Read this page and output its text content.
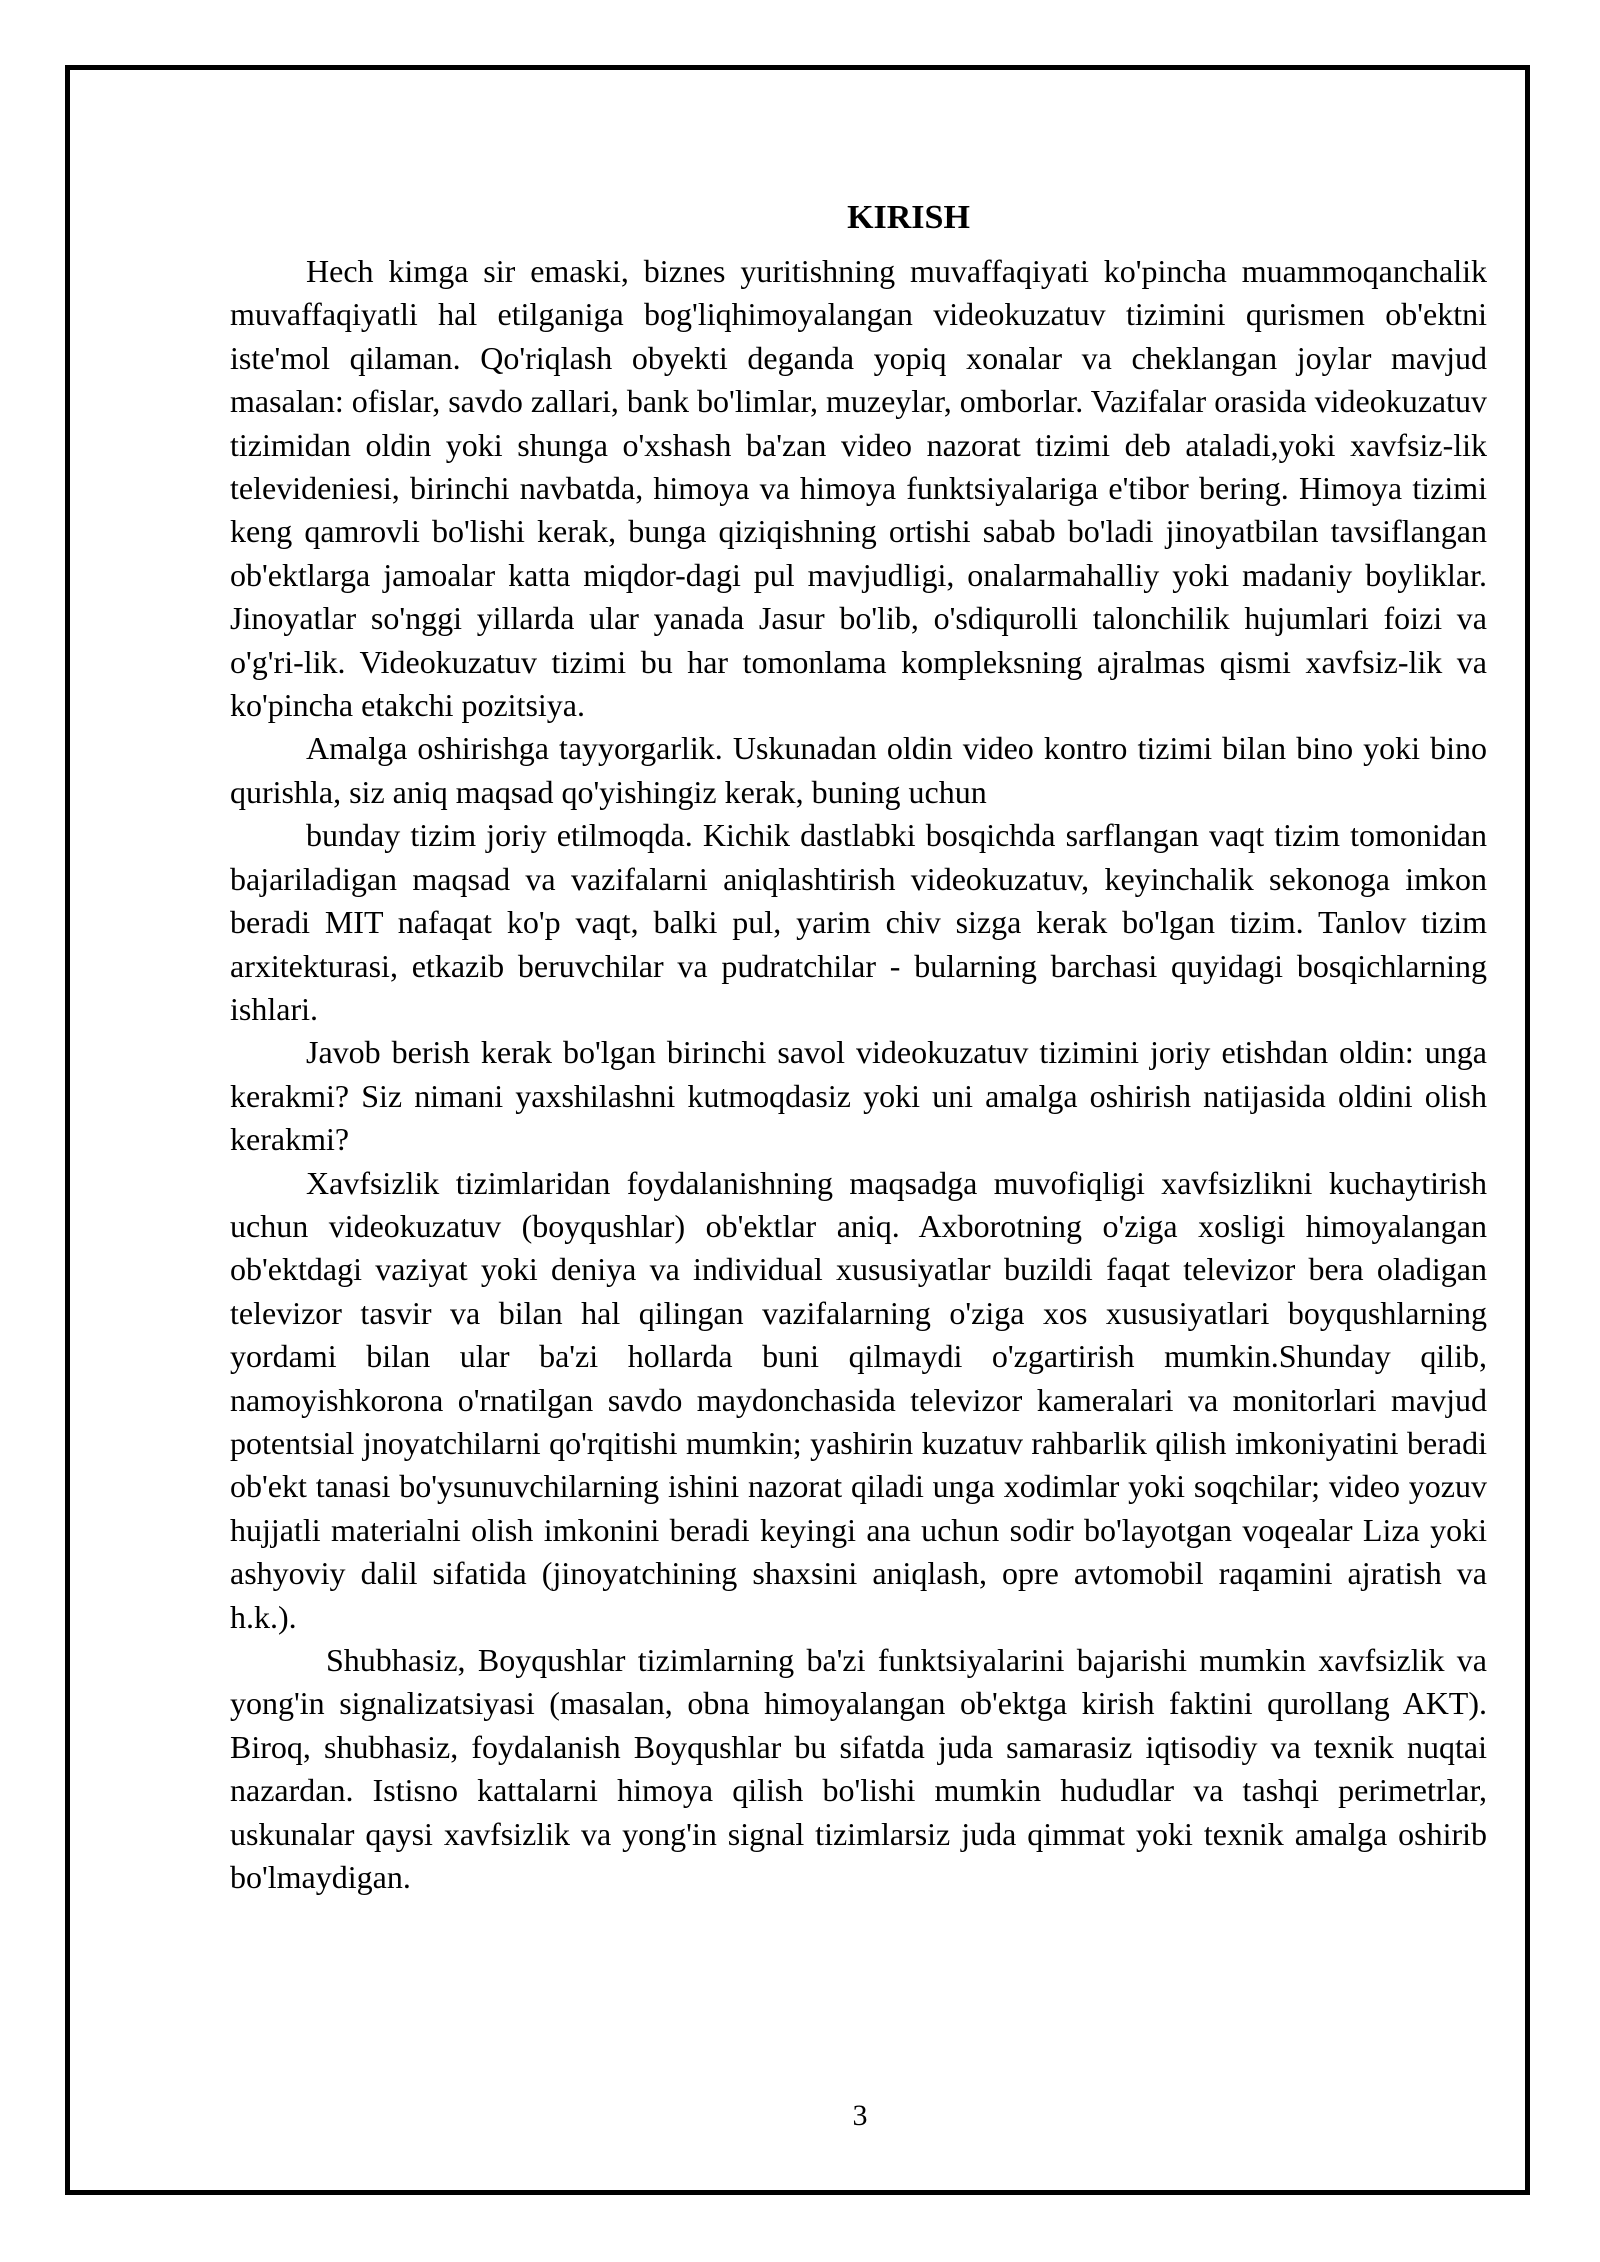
KIRISH

Hech kimga sir emaski, biznes yuritishning muvaffaqiyati ko'pincha muammoqanchalik muvaffaqiyatli hal etilganiga bog'liqhimoyalangan videokuzatuv tizimini qurismen ob'ektni iste'mol qilaman. Qo'riqlash obyekti deganda yopiq xonalar va cheklangan joylar mavjud masalan: ofislar, savdo zallari, bank bo'limlar, muzeylar, omborlar. Vazifalar orasida videokuzatuv tizimidan oldin yoki shunga o'xshash ba'zan video nazorat tizimi deb ataladi,yoki xavfsiz-lik televideniesi, birinchi navbatda, himoya va himoya funktsiyalariga e'tibor bering. Himoya tizimi keng qamrovli bo'lishi kerak, bunga qiziqishning ortishi sabab bo'ladi jinoyatbilan tavsiflangan ob'ektlarga jamoalar katta miqdor-dagi pul mavjudligi, onalarmahalliy yoki madaniy boyliklar. Jinoyatlar so'nggi yillarda ular yanada Jasur bo'lib, o'sdiqurolli talonchilik hujumlari foizi va o'g'ri-lik. Videokuzatuv tizimi bu har tomonlama kompleksning ajralmas qismi xavfsiz-lik va ko'pincha etakchi pozitsiya.

Amalga oshirishga tayyorgarlik. Uskunadan oldin video kontro tizimi bilan bino yoki bino qurishla, siz aniq maqsad qo'yishingiz kerak, buning uchun

bunday tizim joriy etilmoqda. Kichik dastlabki bosqichda sarflangan vaqt tizim tomonidan bajariladigan maqsad va vazifalarni aniqlashtirish videokuzatuv, keyinchalik sekonoga imkon beradi MIT nafaqat ko'p vaqt, balki pul, yarim chiv sizga kerak bo'lgan tizim. Tanlov tizim arxitekturasi, etkazib beruvchilar va pudratchilar - bularning barchasi quyidagi bosqichlarning ishlari.

Javob berish kerak bo'lgan birinchi savol videokuzatuv tizimini joriy etishdan oldin: unga kerakmi? Siz nimani yaxshilashni kutmoqdasiz yoki uni amalga oshirish natijasida oldini olish kerakmi?

Xavfsizlik tizimlaridan foydalanishning maqsadga muvofiqligi xavfsizlikni kuchaytirish uchun videokuzatuv (boyqushlar) ob'ektlar aniq. Axborotning o'ziga xosligi himoyalangan ob'ektdagi vaziyat yoki deniya va individual xususiyatlar buzildi faqat televizor bera oladigan televizor tasvir va bilan hal qilingan vazifalarning o'ziga xos xususiyatlari boyqushlarning yordami bilan ular ba'zi hollarda buni qilmaydi o'zgartirish mumkin.Shunday qilib, namoyishkorona o'rnatilgan savdo maydonchasida televizor kameralari va monitorlari mavjud potentsial jnoyatchilarni qo'rqitishi mumkin; yashirin kuzatuv rahbarlik qilish imkoniyatini beradi ob'ekt tanasi bo'ysunuvchilarning ishini nazorat qiladi unga xodimlar yoki soqchilar; video yozuv hujjatli materialni olish imkonini beradi keyingi ana uchun sodir bo'layotgan voqealar Liza yoki ashyoviy dalil sifatida (jinoyatchining shaxsini aniqlash, opre avtomobil raqamini ajratish va h.k.).

Shubhasiz, Boyqushlar tizimlarning ba'zi funktsiyalarini bajarishi mumkin xavfsizlik va yong'in signalizatsiyasi (masalan, obna himoyalangan ob'ektga kirish faktini qurollang AKT). Biroq, shubhasiz, foydalanish Boyqushlar bu sifatda juda samarasiz iqtisodiy va texnik nuqtai nazardan. Istisno kattalarni himoya qilish bo'lishi mumkin hududlar va tashqi perimetrlar, uskunalar qaysi xavfsizlik va yong'in signal tizimlarsiz juda qimmat yoki texnik amalga oshirib bo'lmaydigan.

3
